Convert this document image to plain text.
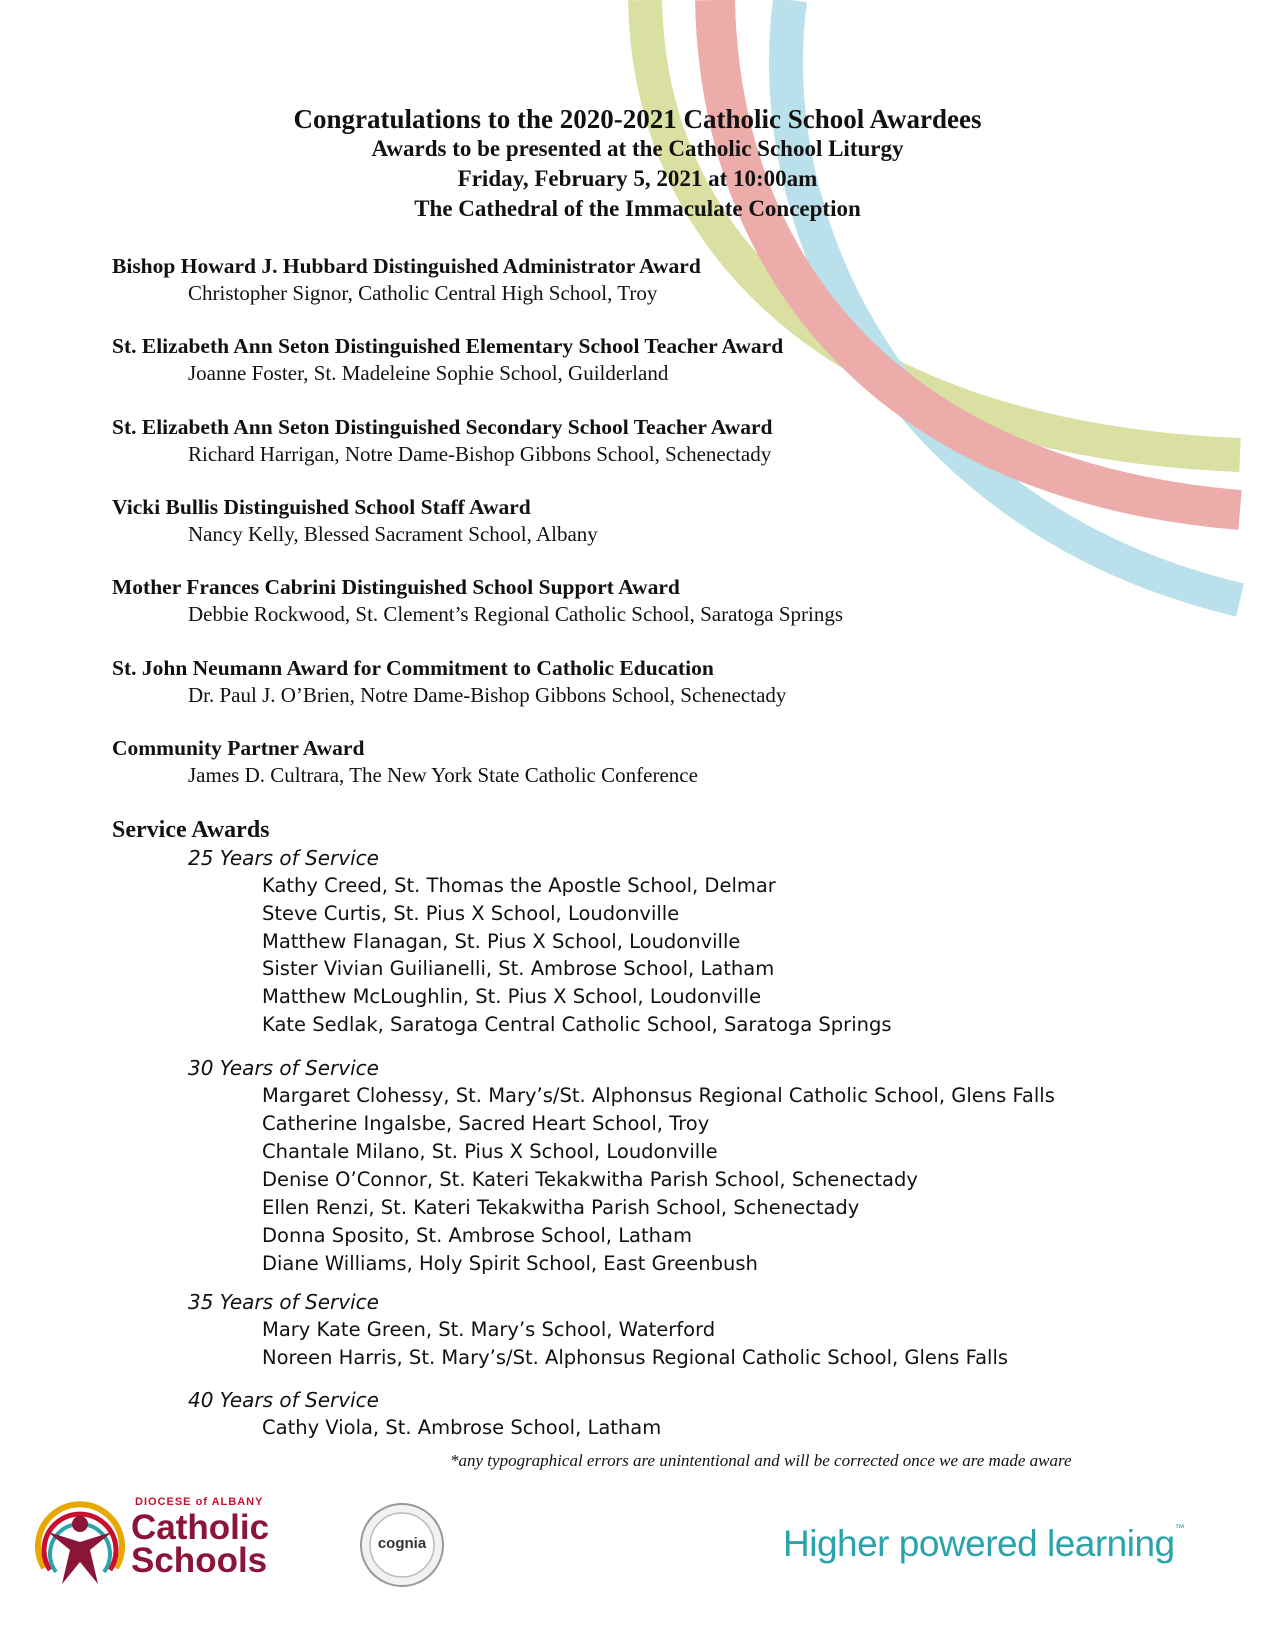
Congratulations to the 2020-2021 Catholic School Awardees
Awards to be presented at the Catholic School Liturgy
Friday, February 5, 2021 at 10:00am
The Cathedral of the Immaculate Conception
Bishop Howard J. Hubbard Distinguished Administrator Award
Christopher Signor, Catholic Central High School, Troy
St. Elizabeth Ann Seton Distinguished Elementary School Teacher Award
Joanne Foster, St. Madeleine Sophie School, Guilderland
St. Elizabeth Ann Seton Distinguished Secondary School Teacher Award
Richard Harrigan, Notre Dame-Bishop Gibbons School, Schenectady
Vicki Bullis Distinguished School Staff Award
Nancy Kelly, Blessed Sacrament School, Albany
Mother Frances Cabrini Distinguished School Support Award
Debbie Rockwood, St. Clement’s Regional Catholic School, Saratoga Springs
St. John Neumann Award for Commitment to Catholic Education
Dr. Paul J. O’Brien, Notre Dame-Bishop Gibbons School, Schenectady
Community Partner Award
James D. Cultrara, The New York State Catholic Conference
Service Awards
25 Years of Service
Kathy Creed, St. Thomas the Apostle School, Delmar
Steve Curtis, St. Pius X School, Loudonville
Matthew Flanagan, St. Pius X School, Loudonville
Sister Vivian Guilianelli, St. Ambrose School, Latham
Matthew McLoughlin, St. Pius X School, Loudonville
Kate Sedlak, Saratoga Central Catholic School, Saratoga Springs
30 Years of Service
Margaret Clohessy, St. Mary’s/St. Alphonsus Regional Catholic School, Glens Falls
Catherine Ingalsbe, Sacred Heart School, Troy
Chantale Milano, St. Pius X School, Loudonville
Denise O’Connor, St. Kateri Tekakwitha Parish School, Schenectady
Ellen Renzi, St. Kateri Tekakwitha Parish School, Schenectady
Donna Sposito, St. Ambrose School, Latham
Diane Williams, Holy Spirit School, East Greenbush
35 Years of Service
Mary Kate Green, St. Mary’s School, Waterford
Noreen Harris, St. Mary’s/St. Alphonsus Regional Catholic School, Glens Falls
40 Years of Service
Cathy Viola, St. Ambrose School, Latham
*any typographical errors are unintentional and will be corrected once we are made aware
DIOCESE of ALBANY
Catholic
Schools	cognia	Higher powered learning™
